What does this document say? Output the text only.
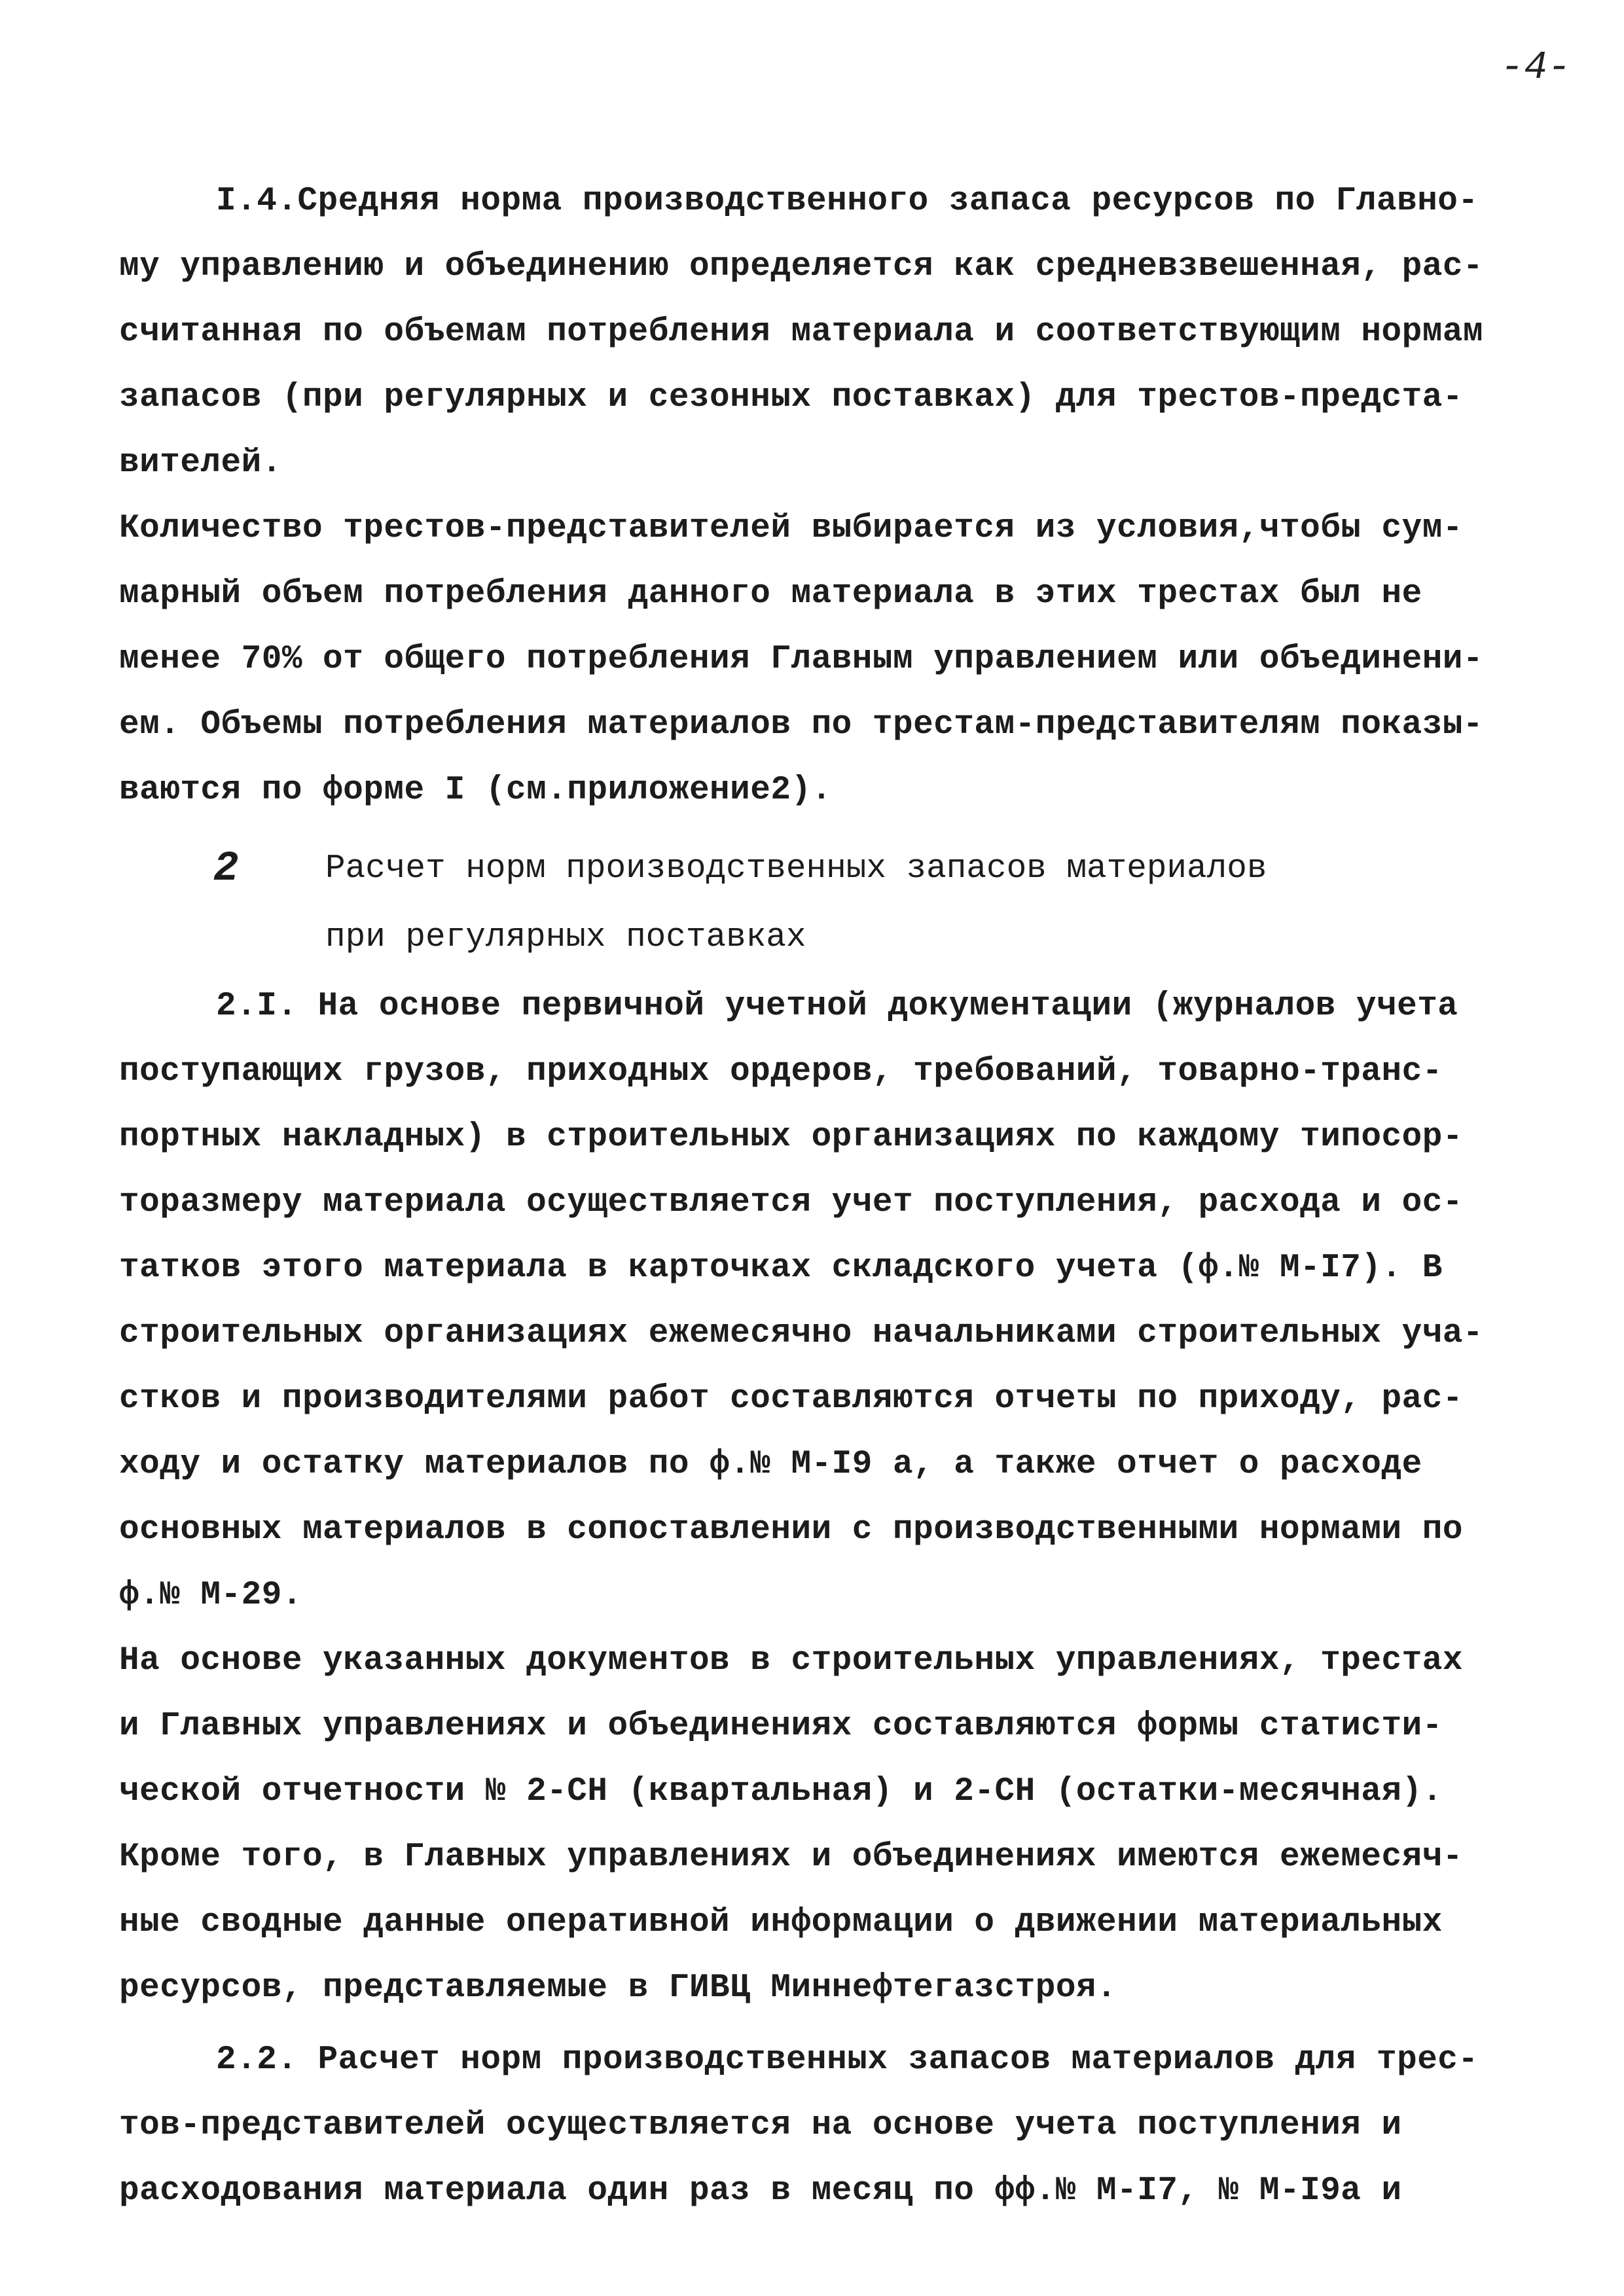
-4-
I.4.Средняя норма производственного запаса ресурсов по Главно-
му управлению и объединению определяется как средневзвешенная, рас-
считанная по объемам потребления материала и соответствующим нормам
запасов (при регулярных и сезонных поставках) для трестов-предста-
вителей.
Количество трестов-представителей выбирается из условия,чтобы сум-
марный объем потребления данного материала в этих трестах был не
менее 70% от общего потребления Главным управлением или объединени-
ем. Объемы потребления материалов по трестам-представителям показы-
ваются по форме I (см.приложение2).
2	Расчет норм производственных запасов материалов
при регулярных поставках
2.I. На основе первичной учетной документации (журналов учета
поступающих грузов, приходных ордеров, требований, товарно-транс-
портных накладных) в строительных организациях по каждому типосор-
торазмеру материала осуществляется учет поступления, расхода и ос-
татков этого материала в карточках складского учета (ф.№ М-I7). В
строительных организациях ежемесячно начальниками строительных уча-
стков и производителями работ составляются отчеты по приходу, рас-
ходу и остатку материалов по ф.№ М-I9 а, а также отчет о расходе
основных материалов в сопоставлении с производственными нормами по
ф.№ М-29.
На основе указанных документов в строительных управлениях, трестах
и Главных управлениях и объединениях составляются формы статисти-
ческой отчетности № 2-СН (квартальная) и 2-СН (остатки-месячная).
Кроме того, в Главных управлениях и объединениях имеются ежемесяч-
ные сводные данные оперативной информации о движении материальных
ресурсов, представляемые в ГИВЦ Миннефтегазстроя.
2.2. Расчет норм производственных запасов материалов для трес-
тов-представителей осуществляется на основе учета поступления и
расходования материала один раз в месяц по фф.№ М-I7, № М-I9а и
